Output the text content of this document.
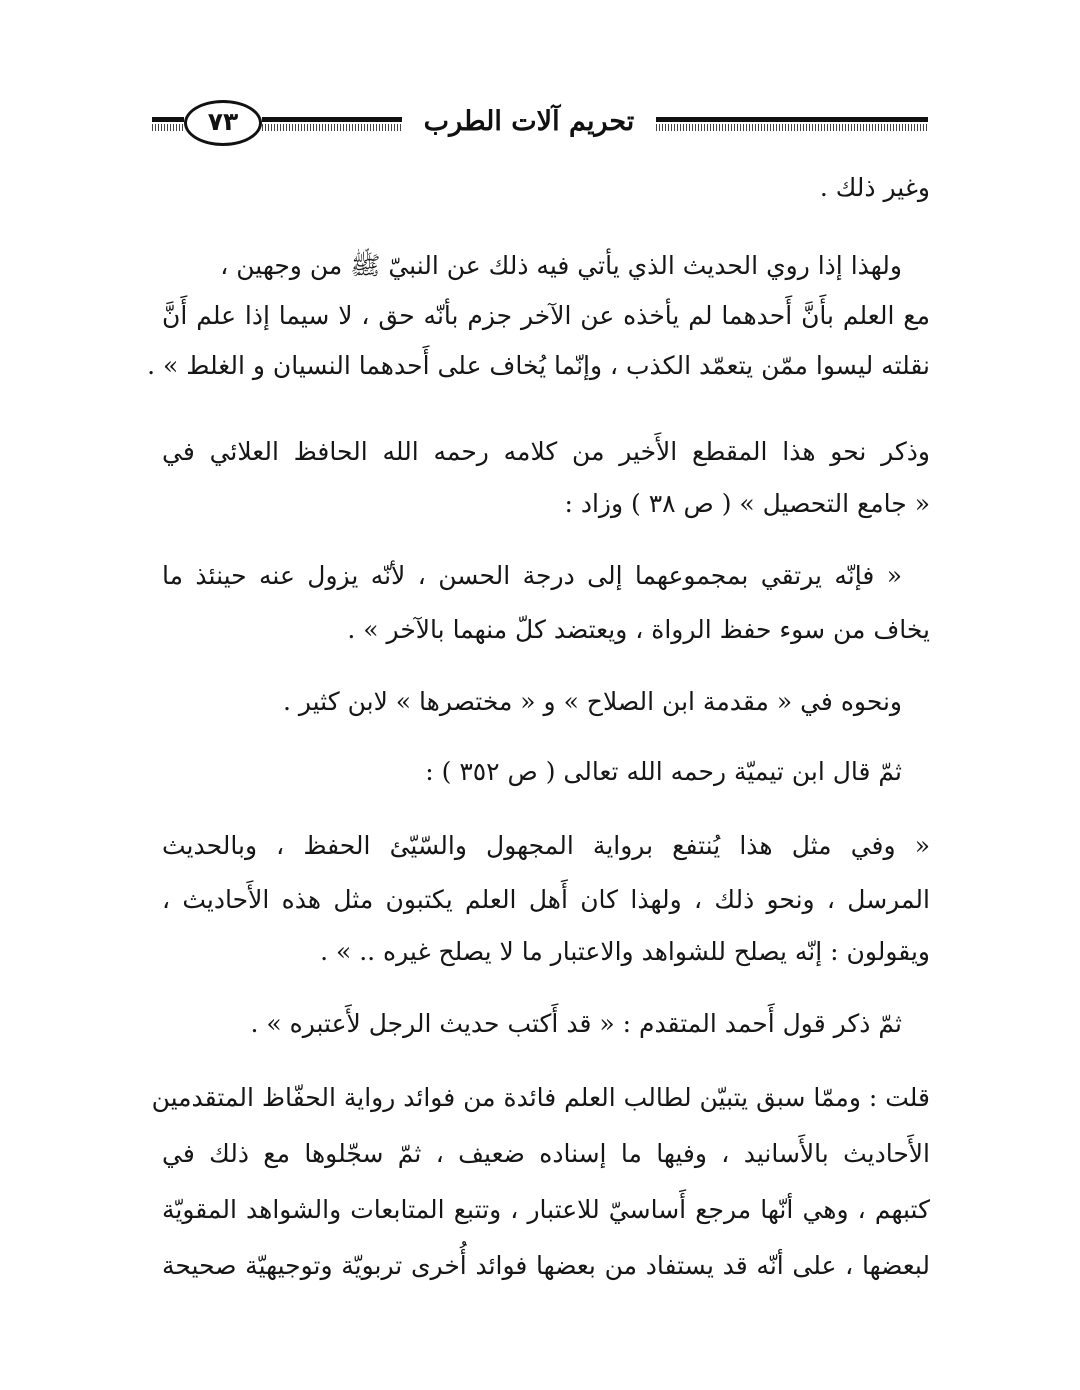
٧٣	تحريم آلات الطرب
وغير ذلك .
ولهذا إذا روي الحديث الذي يأتي فيه ذلك عن النبيّ ﷺ من وجهين ،
مع العلم بأَنَّ أَحدهما لم يأخذه عن الآخر جزم بأنّه حق ، لا سيما إذا علم أَنَّ
نقلته ليسوا ممّن يتعمّد الكذب ، وإنّما يُخاف على أَحدهما النسيان و الغلط » .
وذكر نحو هذا المقطع الأَخير من كلامه رحمه الله الحافظ العلائي في
« جامع التحصيل » ( ص ٣٨ ) وزاد :
« فإنّه يرتقي بمجموعهما إلى درجة الحسن ، لأنّه يزول عنه حينئذ ما
يخاف من سوء حفظ الرواة ، ويعتضد كلّ منهما بالآخر » .
ونحوه في « مقدمة ابن الصلاح » و « مختصرها » لابن كثير .
ثمّ قال ابن تيميّة رحمه الله تعالى ( ص ٣٥٢ ) :
« وفي مثل هذا يُنتفع برواية المجهول والسّيّئ الحفظ ، وبالحديث
المرسل ، ونحو ذلك ، ولهذا كان أَهل العلم يكتبون مثل هذه الأَحاديث ،
ويقولون : إنّه يصلح للشواهد والاعتبار ما لا يصلح غيره .. » .
ثمّ ذكر قول أَحمد المتقدم : « قد أَكتب حديث الرجل لأَعتبره » .
قلت : وممّا سبق يتبيّن لطالب العلم فائدة من فوائد رواية الحفّاظ المتقدمين
الأَحاديث بالأَسانيد ، وفيها ما إسناده ضعيف ، ثمّ سجّلوها مع ذلك في
كتبهم ، وهي أنّها مرجع أَساسيّ للاعتبار ، وتتبع المتابعات والشواهد المقويّة
لبعضها ، على أنّه قد يستفاد من بعضها فوائد أُخرى تربويّة وتوجيهيّة صحيحة
